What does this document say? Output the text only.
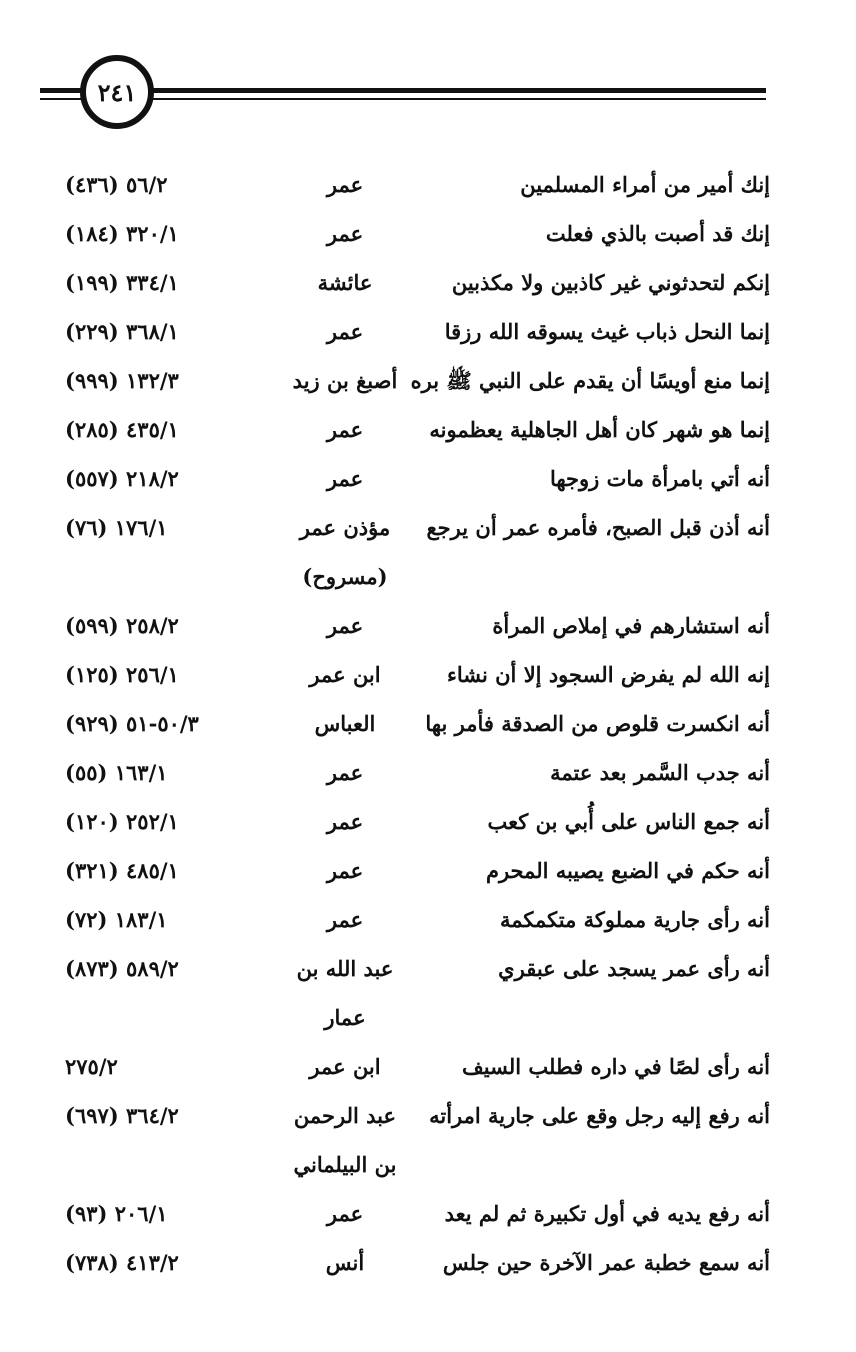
٢٤١
إنك أمير من أمراء المسلمين
عمر
٥٦/٢ (٤٣٦)
إنك قد أصبت بالذي فعلت
عمر
٣٢٠/١ (١٨٤)
إنكم لتحدثوني غير كاذبين ولا مكذبين
عائشة
٣٣٤/١ (١٩٩)
إنما النحل ذباب غيث يسوقه الله رزقا
عمر
٣٦٨/١ (٢٢٩)
إنما منع أويسًا أن يقدم على النبي ﷺ بره
أصبغ بن زيد
١٣٢/٣ (٩٩٩)
إنما هو شهر كان أهل الجاهلية يعظمونه
عمر
٤٣٥/١ (٢٨٥)
أنه أتي بامرأة مات زوجها
عمر
٢١٨/٢ (٥٥٧)
أنه أذن قبل الصبح، فأمره عمر أن يرجع
مؤذن عمر
١٧٦/١ (٧٦)
(مسروح)
أنه استشارهم في إملاص المرأة
عمر
٢٥٨/٢ (٥٩٩)
إنه الله لم يفرض السجود إلا أن نشاء
ابن عمر
٢٥٦/١ (١٢٥)
أنه انكسرت قلوص من الصدقة فأمر بها
العباس
٥٠/٣-٥١ (٩٢٩)
أنه جدب السَّمر بعد عتمة
عمر
١٦٣/١ (٥٥)
أنه جمع الناس على أُبي بن كعب
عمر
٢٥٢/١ (١٢٠)
أنه حكم في الضبع يصيبه المحرم
عمر
٤٨٥/١ (٣٢١)
أنه رأى جارية مملوكة متكمكمة
عمر
١٨٣/١ (٧٢)
أنه رأى عمر يسجد على عبقري
عبد الله بن
٥٨٩/٢ (٨٧٣)
عمار
أنه رأى لصًا في داره فطلب السيف
ابن عمر
٢٧٥/٢
أنه رفع إليه رجل وقع على جارية امرأته
عبد الرحمن
٣٦٤/٢ (٦٩٧)
بن البيلماني
أنه رفع يديه في أول تكبيرة ثم لم يعد
عمر
٢٠٦/١ (٩٣)
أنه سمع خطبة عمر الآخرة حين جلس
أنس
٤١٣/٢ (٧٣٨)
